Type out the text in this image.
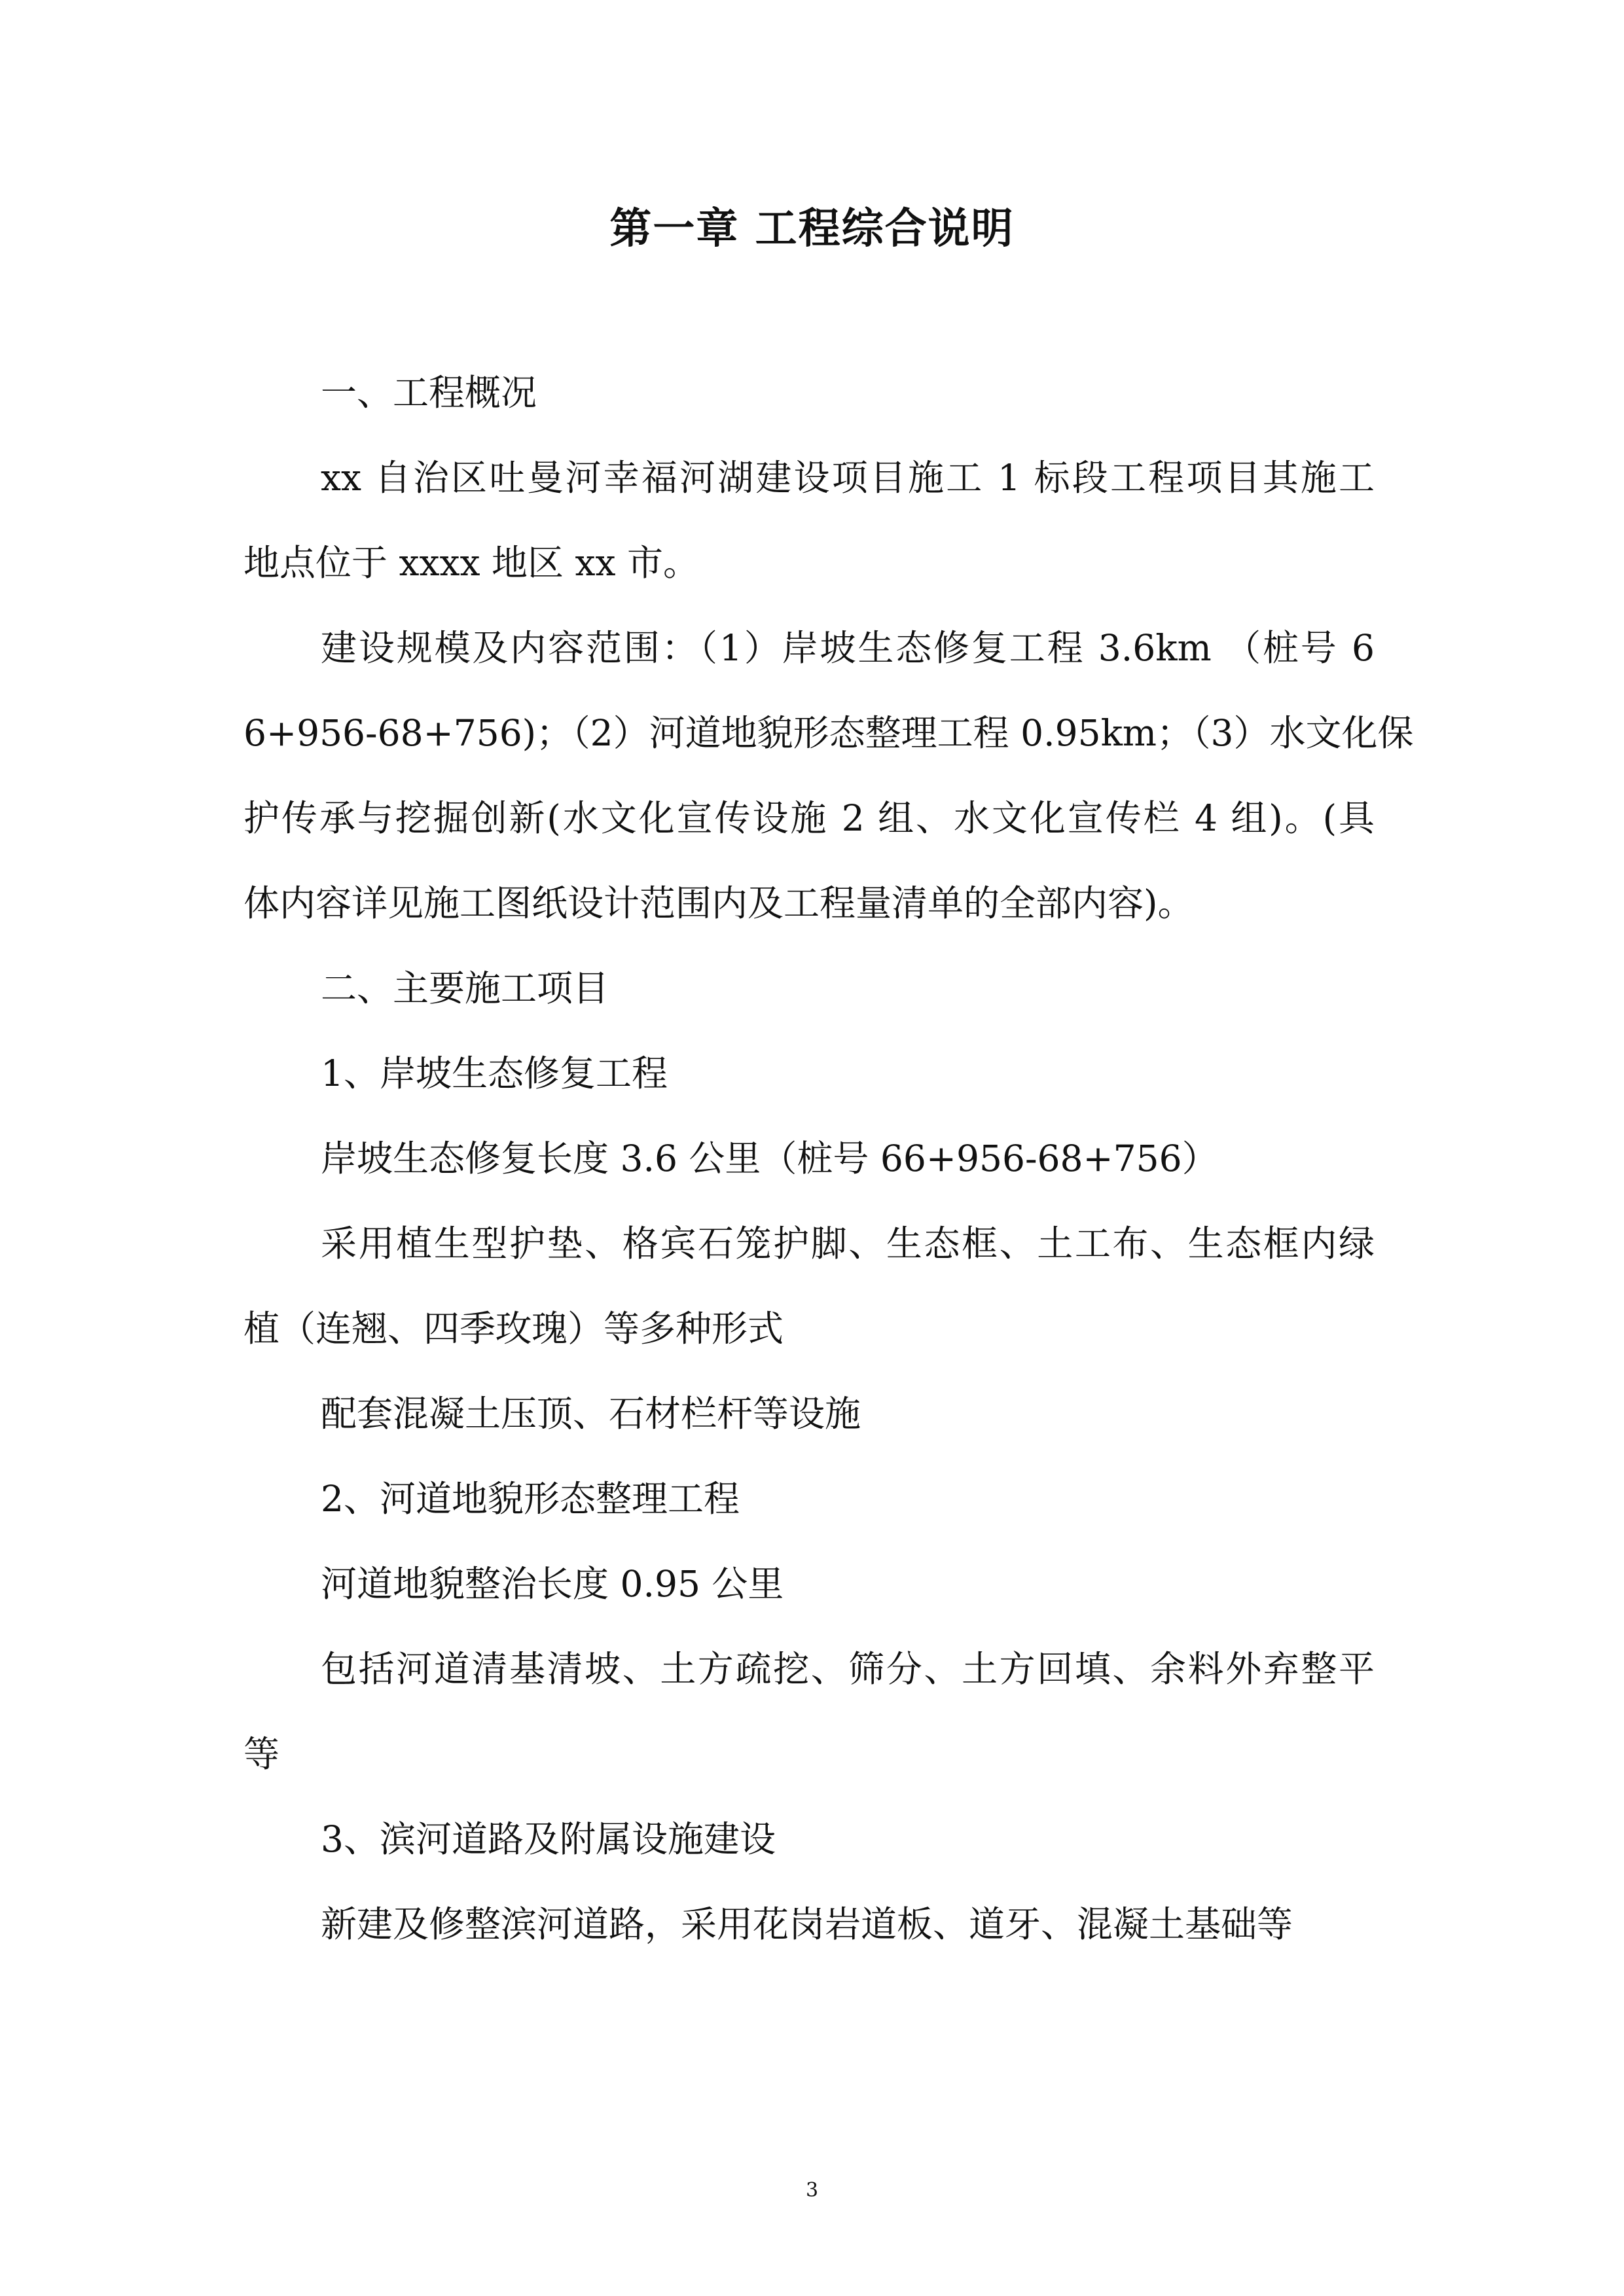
第一章 工程综合说明
一、工程概况
xx 自治区吐曼河幸福河湖建设项目施工 1 标段工程项目其施工
地点位于 xxxx 地区 xx 市。
建设规模及内容范围：（1）岸坡生态修复工程 3.6km （桩号 6
6+956-68+756)；（2）河道地貌形态整理工程 0.95km；（3）水文化保
护传承与挖掘创新(水文化宣传设施 2 组、水文化宣传栏 4 组)。(具
体内容详见施工图纸设计范围内及工程量清单的全部内容)。
二、主要施工项目
1、岸坡生态修复工程
岸坡生态修复长度 3.6 公里（桩号 66+956-68+756）
采用植生型护垫、格宾石笼护脚、生态框、土工布、生态框内绿
植（连翘、四季玫瑰）等多种形式
配套混凝土压顶、石材栏杆等设施
2、河道地貌形态整理工程
河道地貌整治长度 0.95 公里
包括河道清基清坡、土方疏挖、筛分、土方回填、余料外弃整平
等
3、滨河道路及附属设施建设
新建及修整滨河道路，采用花岗岩道板、道牙、混凝土基础等
3
